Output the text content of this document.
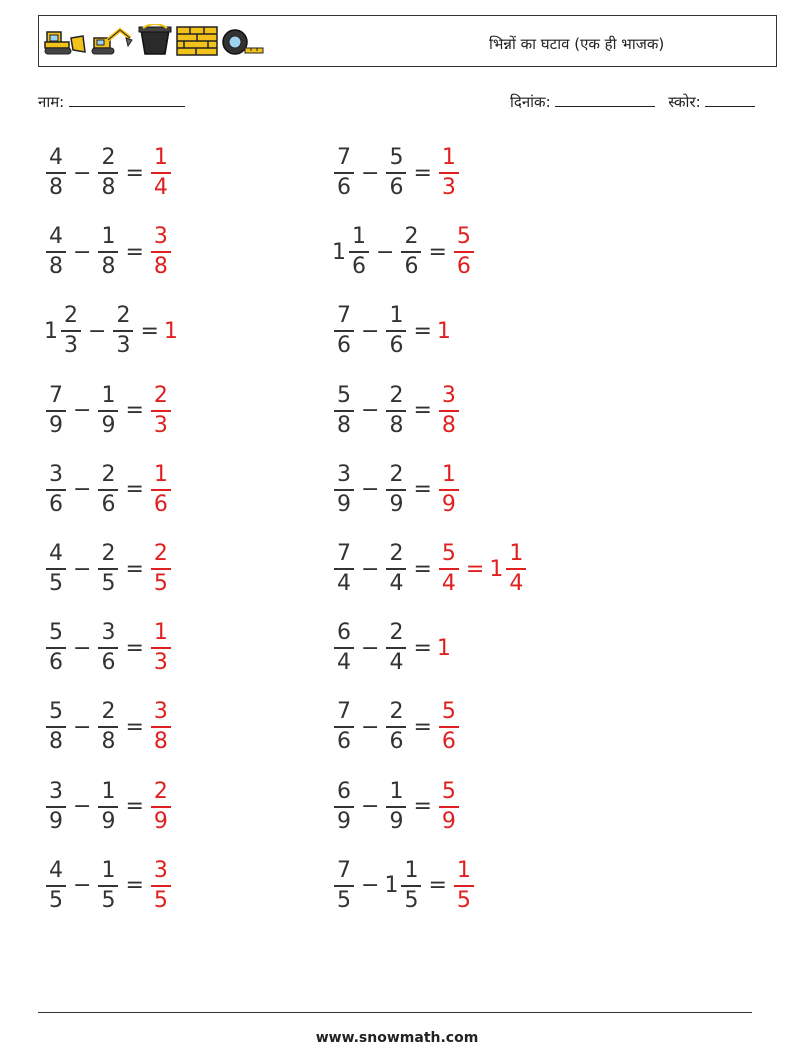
भिन्नों का घटाव (एक ही भाजक)
नाम:	दिनांक:	स्कोर:
$\frac{4}{8} - \frac{2}{8} = \frac{1}{4}$
$\frac{4}{8} - \frac{1}{8} = \frac{3}{8}$
$1 \frac{2}{3} - \frac{2}{3} = 1$
$\frac{7}{9} - \frac{1}{9} = \frac{2}{3}$
$\frac{3}{6} - \frac{2}{6} = \frac{1}{6}$
$\frac{4}{5} - \frac{2}{5} = \frac{2}{5}$
$\frac{5}{6} - \frac{3}{6} = \frac{1}{3}$
$\frac{5}{8} - \frac{2}{8} = \frac{3}{8}$
$\frac{3}{9} - \frac{1}{9} = \frac{2}{9}$
$\frac{4}{5} - \frac{1}{5} = \frac{3}{5}$
$\frac{7}{6} - \frac{5}{6} = \frac{1}{3}$
$1 \frac{1}{6} - \frac{2}{6} = \frac{5}{6}$
$\frac{7}{6} - \frac{1}{6} = 1$
$\frac{5}{8} - \frac{2}{8} = \frac{3}{8}$
$\frac{3}{9} - \frac{2}{9} = \frac{1}{9}$
$\frac{7}{4} - \frac{2}{4} = \frac{5}{4} = 1 \frac{1}{4}$
$\frac{6}{4} - \frac{2}{4} = 1$
$\frac{7}{6} - \frac{2}{6} = \frac{5}{6}$
$\frac{6}{9} - \frac{1}{9} = \frac{5}{9}$
$\frac{7}{5} - 1 \frac{1}{5} = \frac{1}{5}$
www.snowmath.com
